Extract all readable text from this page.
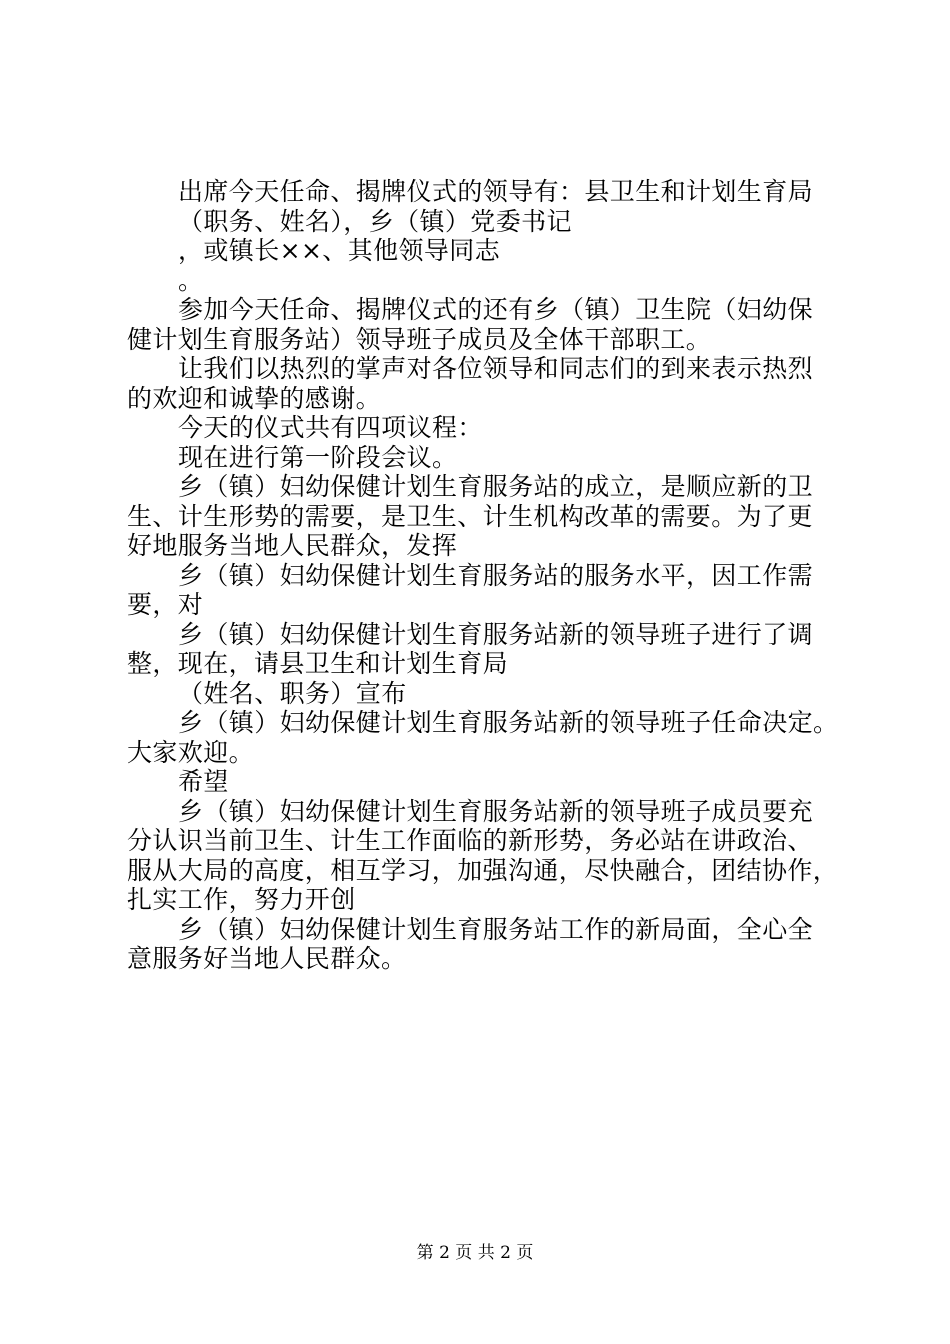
出席今天任命、揭牌仪式的领导有：县卫生和计划生育局
（职务、姓名），乡（镇）党委书记
，或镇长××、其他领导同志
。
参加今天任命、揭牌仪式的还有乡（镇）卫生院（妇幼保
健计划生育服务站）领导班子成员及全体干部职工。
让我们以热烈的掌声对各位领导和同志们的到来表示热烈
的欢迎和诚挚的感谢。
今天的仪式共有四项议程：
现在进行第一阶段会议。
乡（镇）妇幼保健计划生育服务站的成立，是顺应新的卫
生、计生形势的需要，是卫生、计生机构改革的需要。为了更
好地服务当地人民群众，发挥
乡（镇）妇幼保健计划生育服务站的服务水平，因工作需
要，对
乡（镇）妇幼保健计划生育服务站新的领导班子进行了调
整，现在，请县卫生和计划生育局
（姓名、职务）宣布
乡（镇）妇幼保健计划生育服务站新的领导班子任命决定。
大家欢迎。
希望
乡（镇）妇幼保健计划生育服务站新的领导班子成员要充
分认识当前卫生、计生工作面临的新形势，务必站在讲政治、
服从大局的高度，相互学习，加强沟通，尽快融合，团结协作，
扎实工作，努力开创
乡（镇）妇幼保健计划生育服务站工作的新局面，全心全
意服务好当地人民群众。
第 2 页 共 2 页
